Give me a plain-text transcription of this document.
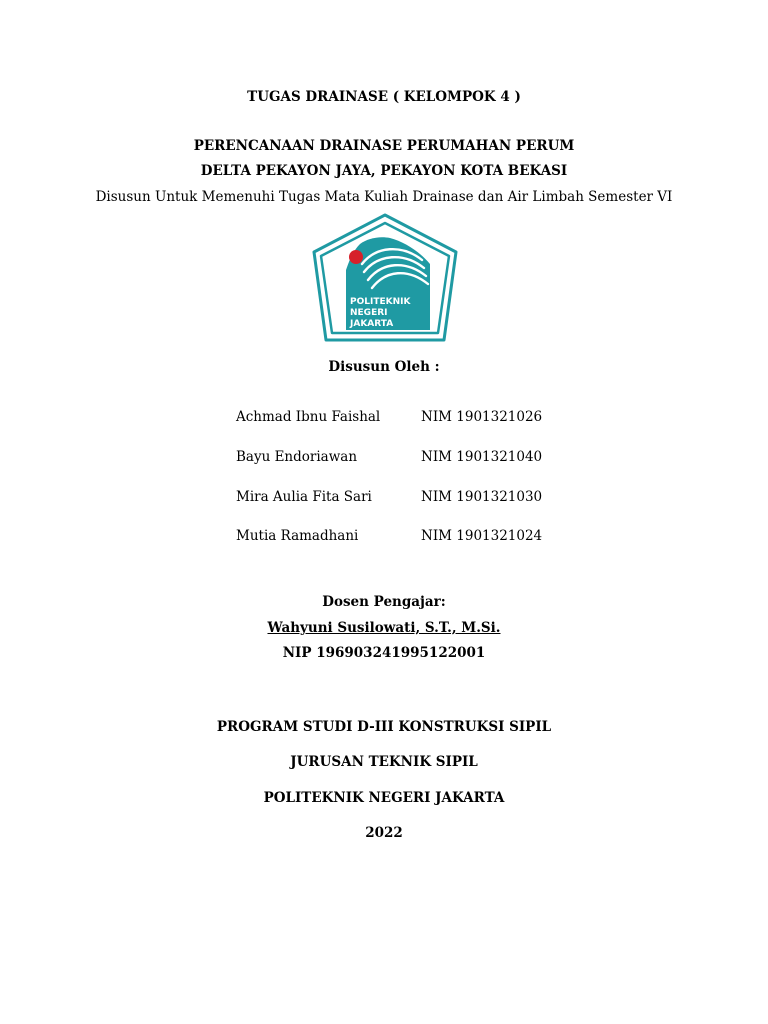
TUGAS DRAINASE ( KELOMPOK 4 )
PERENCANAAN DRAINASE PERUMAHAN PERUM
DELTA PEKAYON JAYA, PEKAYON KOTA BEKASI
Disusun Untuk Memenuhi Tugas Mata Kuliah Drainase dan Air Limbah Semester VI
POLITEKNIK
NEGERI
JAKARTA
Disusun Oleh :
Achmad Ibnu Faishal	NIM 1901321026
Bayu Endoriawan	NIM 1901321040
Mira Aulia Fita Sari	NIM 1901321030
Mutia Ramadhani	NIM 1901321024
Dosen Pengajar:
Wahyuni Susilowati, S.T., M.Si.
NIP 196903241995122001
PROGRAM STUDI D-III KONSTRUKSI SIPIL
JURUSAN TEKNIK SIPIL
POLITEKNIK NEGERI JAKARTA
2022
